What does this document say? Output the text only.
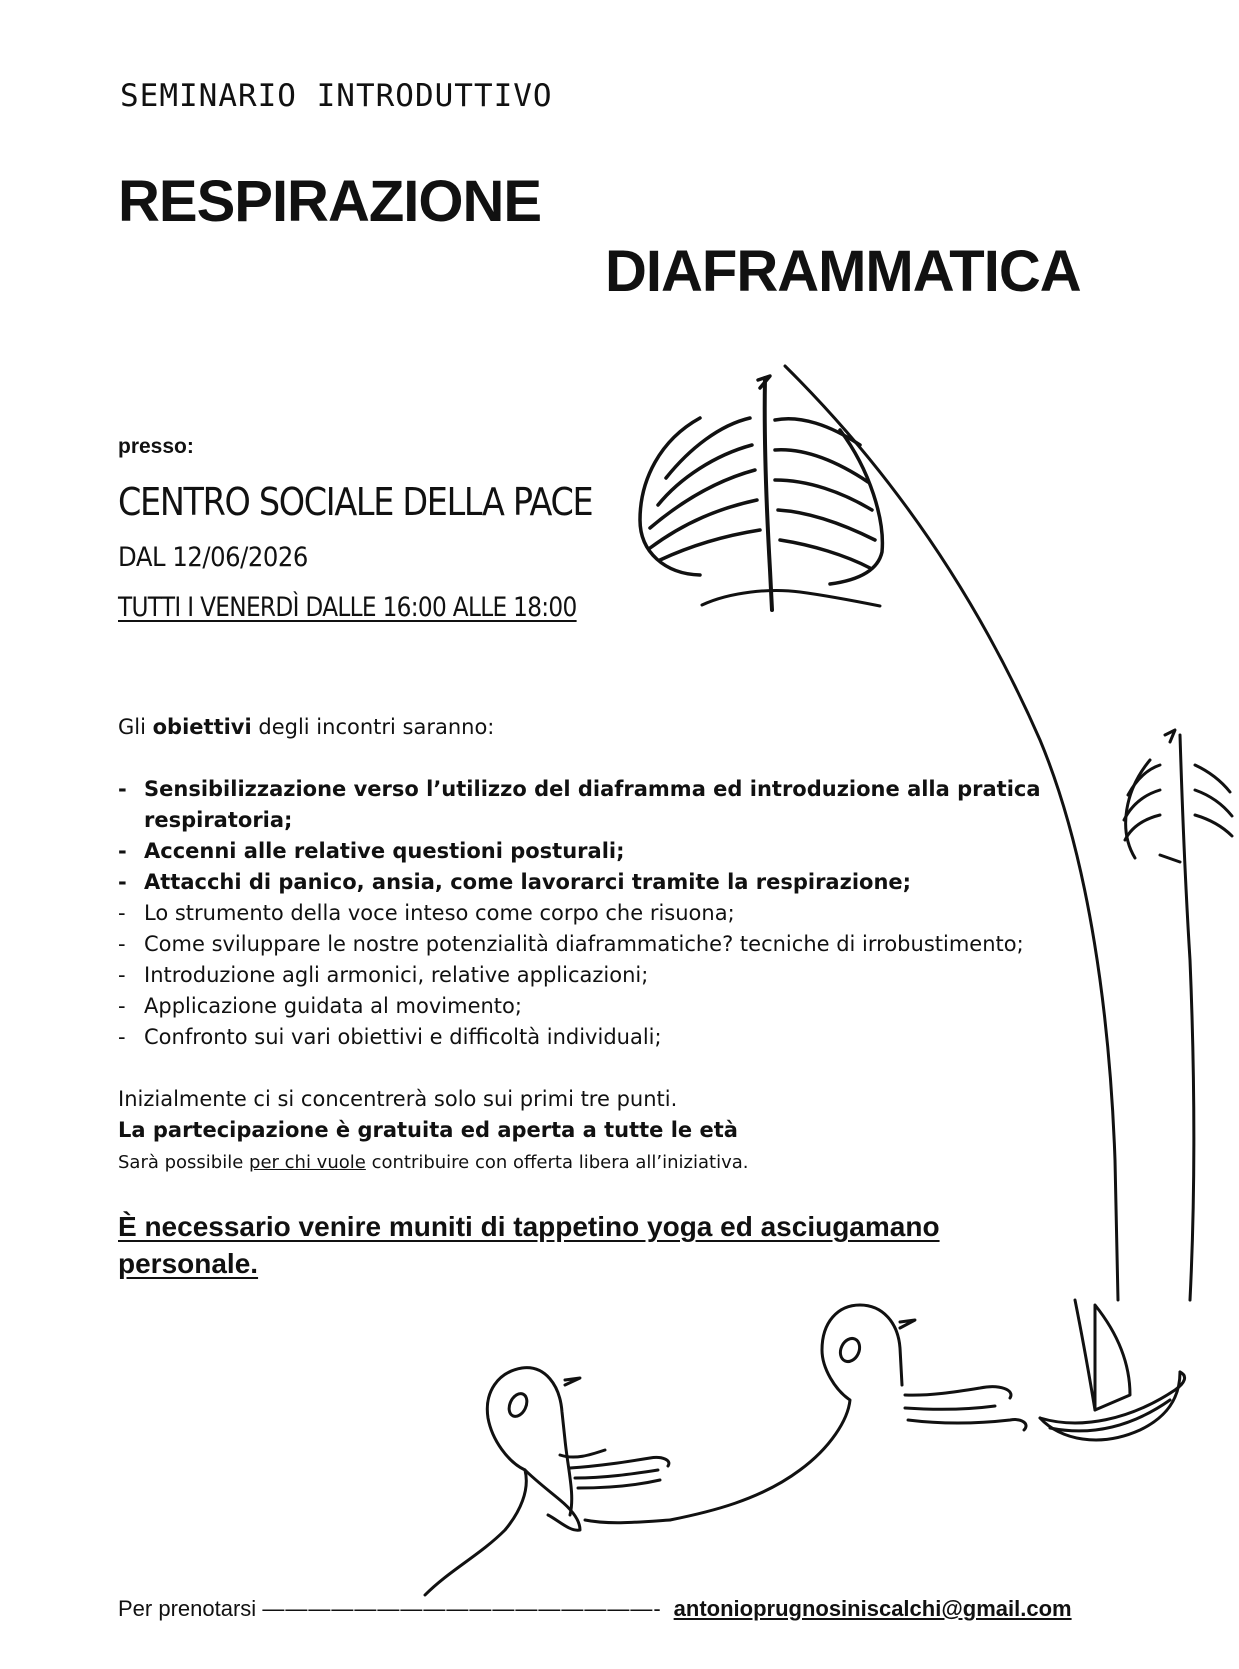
SEMINARIO INTRODUTTIVO
RESPIRAZIONE
DIAFRAMMATICA
presso:
CENTRO SOCIALE DELLA PACE
DAL 12/06/2026
TUTTI I VENERDÌ DALLE 16:00 ALLE 18:00
Gli obiettivi degli incontri saranno:
- Sensibilizzazione verso l’utilizzo del diaframma ed introduzione alla pratica respiratoria;
- Accenni alle relative questioni posturali;
- Attacchi di panico, ansia, come lavorarci tramite la respirazione;
- Lo strumento della voce inteso come corpo che risuona;
- Come sviluppare le nostre potenzialità diaframmatiche? tecniche di irrobustimento;
- Introduzione agli armonici, relative applicazioni;
- Applicazione guidata al movimento;
- Confronto sui vari obiettivi e difficoltà individuali;
Inizialmente ci si concentrerà solo sui primi tre punti.
La partecipazione è gratuita ed aperta a tutte le età
Sarà possibile per chi vuole contribuire con offerta libera all’iniziativa.
È necessario venire muniti di tappetino yoga ed asciugamano personale.
Per prenotarsi —————————————————- antonioprugnosiniscalchi@gmail.com
